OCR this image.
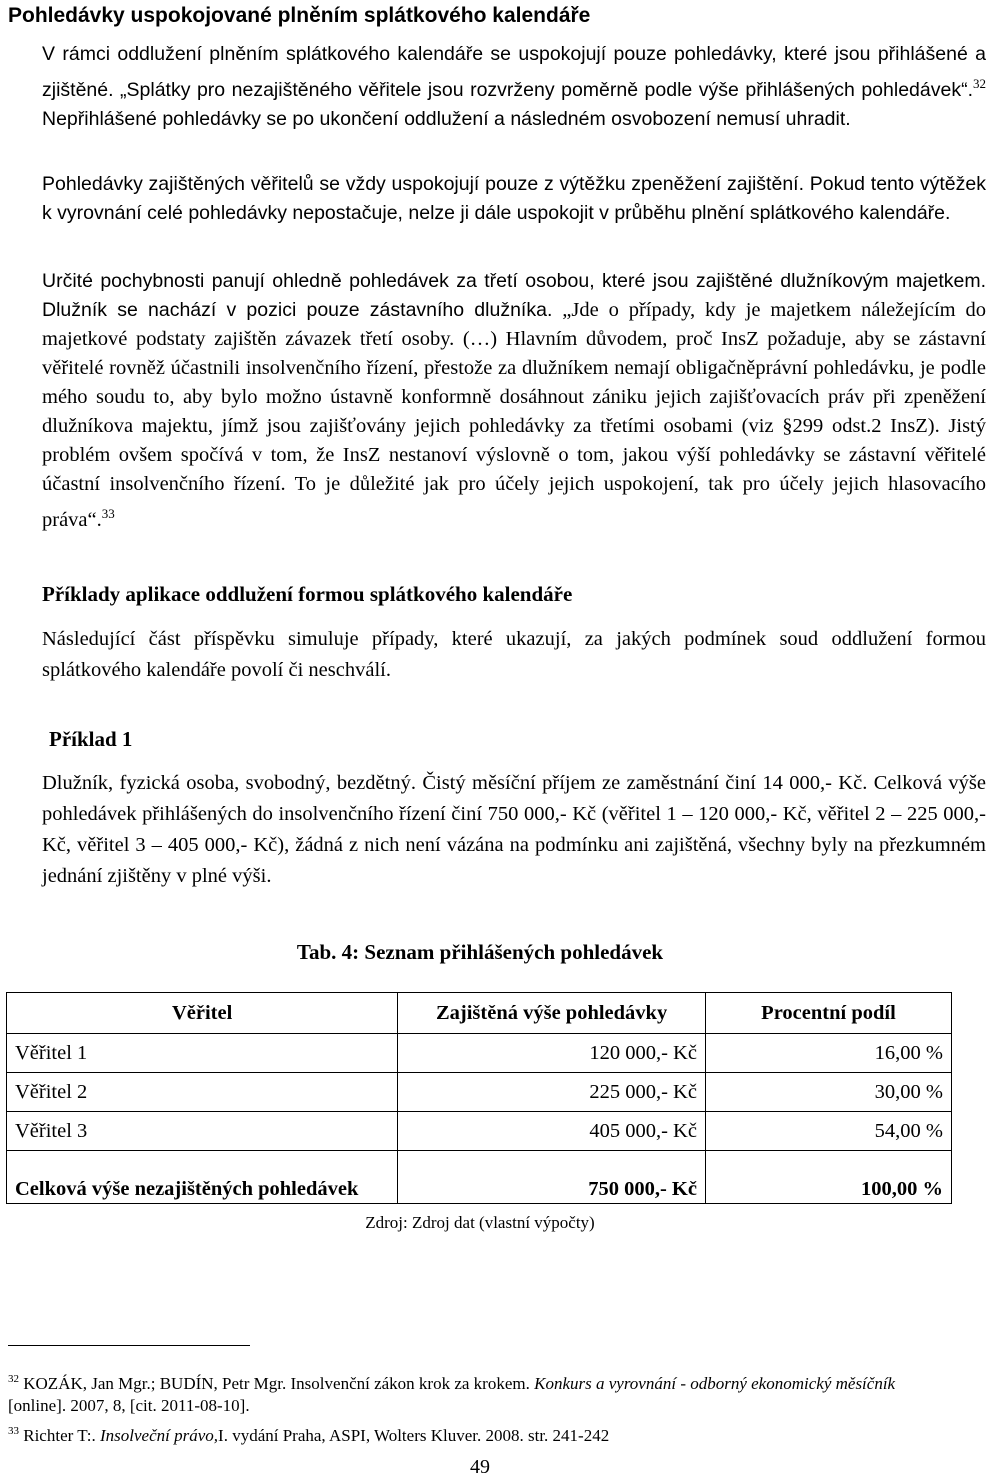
Pohledávky uspokojované plněním splátkového kalendáře

V rámci oddlužení plněním splátkového kalendáře se uspokojují pouze pohledávky, které jsou přihlášené a zjištěné. „Splátky pro nezajištěného věřitele jsou rozvrženy poměrně podle výše přihlášených pohledávek“.$^{32}$ Nepřihlášené pohledávky se po ukončení oddlužení a následném osvobození nemusí uhradit.

Pohledávky zajištěných věřitelů se vždy uspokojují pouze z výtěžku zpeněžení zajištění. Pokud tento výtěžek k vyrovnání celé pohledávky nepostačuje, nelze ji dále uspokojit v průběhu plnění splátkového kalendáře.

Určité pochybnosti panují ohledně pohledávek za třetí osobou, které jsou zajištěné dlužníkovým majetkem. Dlužník se nachází v pozici pouze zástavního dlužníka. „Jde o případy, kdy je majetkem náležejícím do majetkové podstaty zajištěn závazek třetí osoby. (…) Hlavním důvodem, proč InsZ požaduje, aby se zástavní věřitelé rovněž účastnili insolvenčního řízení, přestože za dlužníkem nemají obligačněprávní pohledávku, je podle mého soudu to, aby bylo možno ústavně konformně dosáhnout zániku jejich zajišťovacích práv při zpeněžení dlužníkova majektu, jímž jsou zajišťovány jejich pohledávky za třetími osobami (viz §299 odst.2 InsZ). Jistý problém ovšem spočívá v tom, že InsZ nestanoví výslovně o tom, jakou výší pohledávky se zástavní věřitelé účastní insolvenčního řízení. To je důležité jak pro účely jejich uspokojení, tak pro účely jejich hlasovacího práva“.$^{33}$

Příklady aplikace oddlužení formou splátkového kalendáře

Následující část příspěvku simuluje případy, které ukazují, za jakých podmínek soud oddlužení formou splátkového kalendáře povolí či neschválí.

Příklad 1

Dlužník, fyzická osoba, svobodný, bezdětný. Čistý měsíční příjem ze zaměstnání činí 14 000,- Kč. Celková výše pohledávek přihlášených do insolvenčního řízení činí 750 000,- Kč (věřitel 1 – 120 000,- Kč, věřitel 2 – 225 000,- Kč, věřitel 3 – 405 000,- Kč), žádná z nich není vázána na podmínku ani zajištěná, všechny byly na přezkumném jednání zjištěny v plné výši.

Tab. 4: Seznam přihlášených pohledávek
Věřitel	Zajištěná výše pohledávky	Procentní podíl
Věřitel 1	120 000,- Kč	16,00 %
Věřitel 2	225 000,- Kč	30,00 %
Věřitel 3	405 000,- Kč	54,00 %
Celková výše nezajištěných pohledávek	750 000,- Kč	100,00 %
Zdroj: Zdroj dat (vlastní výpočty)

$^{32}$ KOZÁK, Jan Mgr.; BUDÍN, Petr Mgr. Insolvenční zákon krok za krokem. Konkurs a vyrovnání - odborný ekonomický měsíčník [online]. 2007, 8, [cit. 2011-08-10].

$^{33}$ Richter T:. Insolveční právo,I. vydání Praha, ASPI, Wolters Kluver. 2008. str. 241-242

49
